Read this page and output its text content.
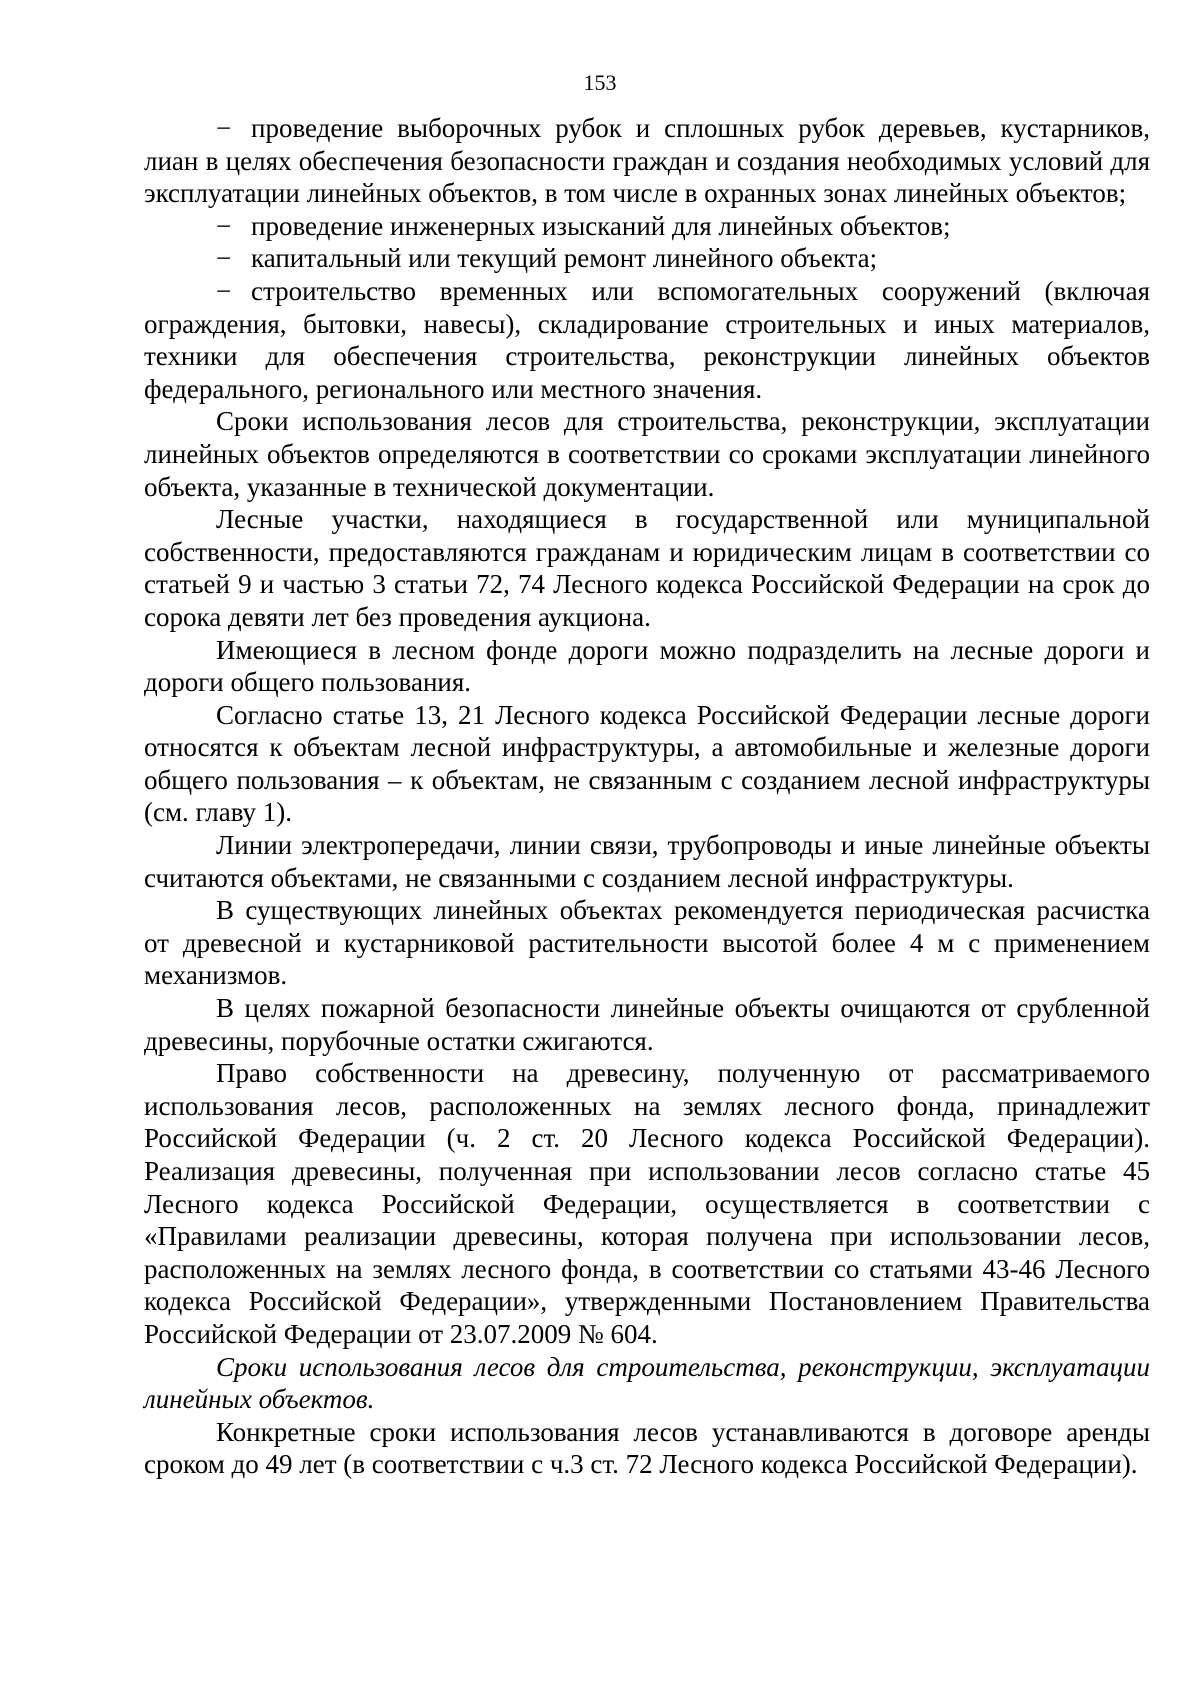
153

− проведение выборочных рубок и сплошных рубок деревьев, кустарников, лиан в целях обеспечения безопасности граждан и создания необходимых условий для эксплуатации линейных объектов, в том числе в охранных зонах линейных объектов;

− проведение инженерных изысканий для линейных объектов;

− капитальный или текущий ремонт линейного объекта;

− строительство временных или вспомогательных сооружений (включая ограждения, бытовки, навесы), складирование строительных и иных материалов, техники для обеспечения строительства, реконструкции линейных объектов федерального, регионального или местного значения.

Сроки использования лесов для строительства, реконструкции, эксплуатации линейных объектов определяются в соответствии со сроками эксплуатации линейного объекта, указанные в технической документации.

Лесные участки, находящиеся в государственной или муниципальной собственности, предоставляются гражданам и юридическим лицам в соответствии со статьей 9 и частью 3 статьи 72, 74 Лесного кодекса Российской Федерации на срок до сорока девяти лет без проведения аукциона.

Имеющиеся в лесном фонде дороги можно подразделить на лесные дороги и дороги общего пользования.

Согласно статье 13, 21 Лесного кодекса Российской Федерации лесные дороги относятся к объектам лесной инфраструктуры, а автомобильные и железные дороги общего пользования – к объектам, не связанным с созданием лесной инфраструктуры (см. главу 1).

Линии электропередачи, линии связи, трубопроводы и иные линейные объекты считаются объектами, не связанными с созданием лесной инфраструктуры.

В существующих линейных объектах рекомендуется периодическая расчистка от древесной и кустарниковой растительности высотой более 4 м с применением механизмов.

В целях пожарной безопасности линейные объекты очищаются от срубленной древесины, порубочные остатки сжигаются.

Право собственности на древесину, полученную от рассматриваемого использования лесов, расположенных на землях лесного фонда, принадлежит Российской Федерации (ч. 2 ст. 20 Лесного кодекса Российской Федерации). Реализация древесины, полученная при использовании лесов согласно статье 45 Лесного кодекса Российской Федерации, осуществляется в соответствии с «Правилами реализации древесины, которая получена при использовании лесов, расположенных на землях лесного фонда, в соответствии со статьями 43-46 Лесного кодекса Российской Федерации», утвержденными Постановлением Правительства Российской Федерации от 23.07.2009 № 604.

Сроки использования лесов для строительства, реконструкции, эксплуатации линейных объектов.

Конкретные сроки использования лесов устанавливаются в договоре аренды сроком до 49 лет (в соответствии с ч.3 ст. 72 Лесного кодекса Российской Федерации).
